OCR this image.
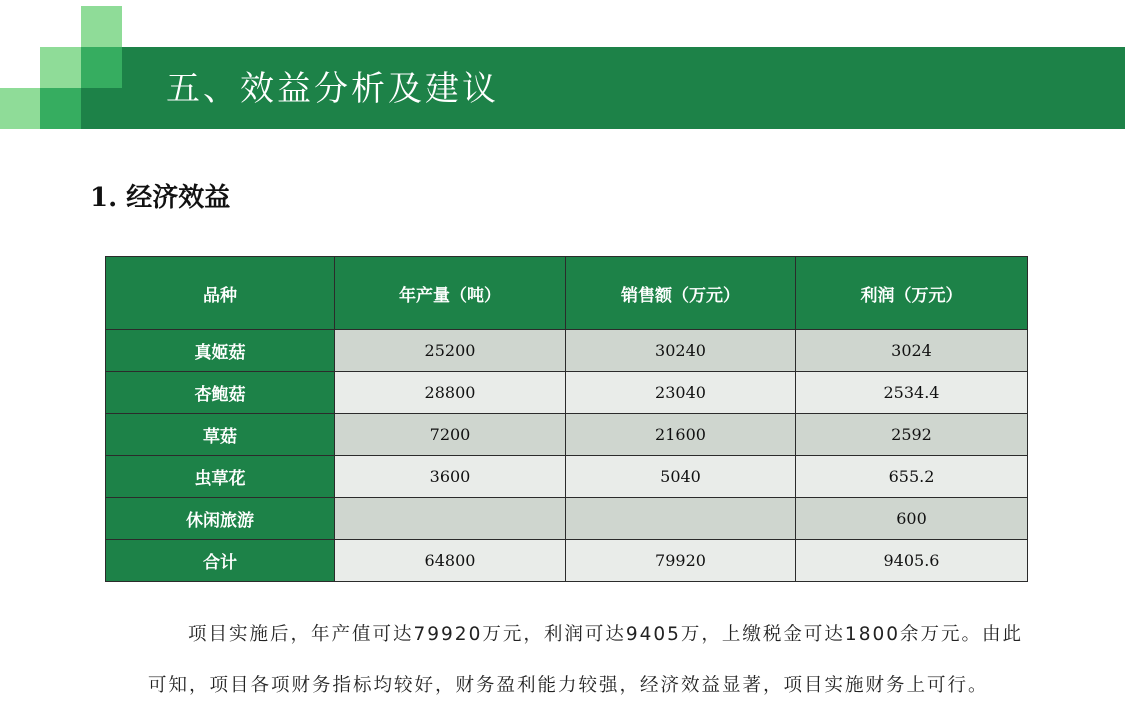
五、效益分析及建议
1. 经济效益
品种	年产量（吨）	销售额（万元）	利润（万元）
真姬菇	25200	30240	3024
杏鲍菇	28800	23040	2534.4
草菇	7200	21600	2592
虫草花	3600	5040	655.2
休闲旅游			600
合计	64800	79920	9405.6
项目实施后，年产值可达79920万元，利润可达9405万，上缴税金可达1800余万元。由此
可知，项目各项财务指标均较好，财务盈利能力较强，经济效益显著，项目实施财务上可行。
